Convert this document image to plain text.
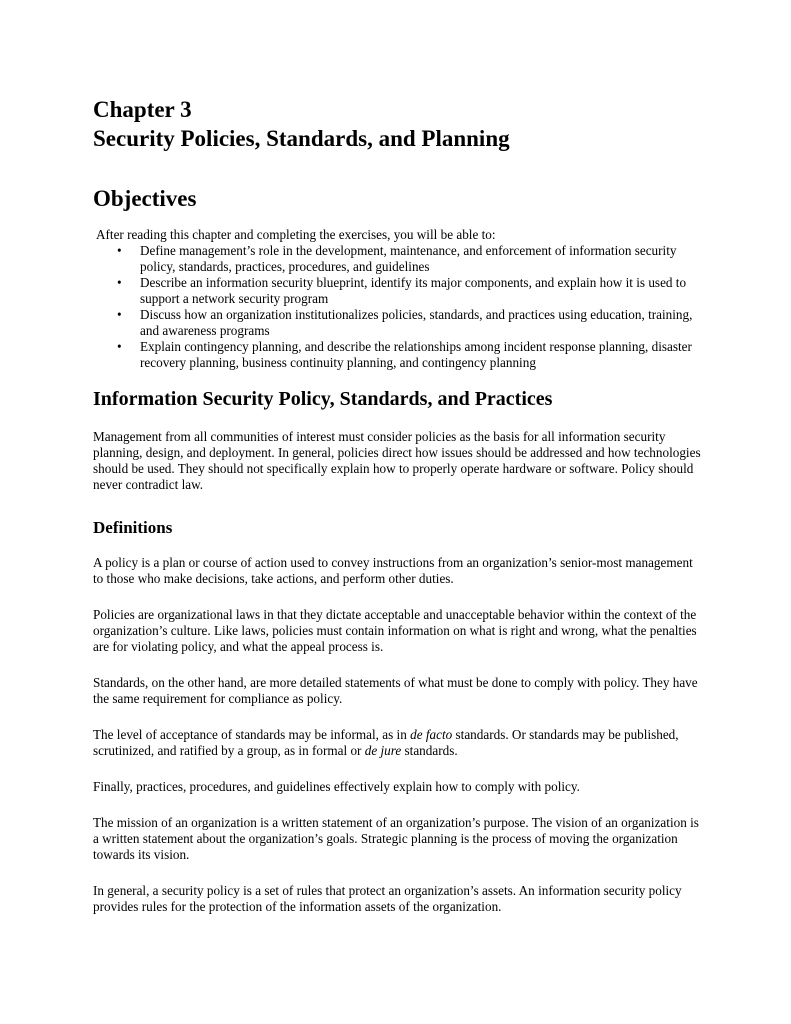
Chapter 3
Security Policies, Standards, and Planning
Objectives

After reading this chapter and completing the exercises, you will be able to:

• Define management’s role in the development, maintenance, and enforcement of information security policy, standards, practices, procedures, and guidelines
• Describe an information security blueprint, identify its major components, and explain how it is used to support a network security program
• Discuss how an organization institutionalizes policies, standards, and practices using education, training, and awareness programs
• Explain contingency planning, and describe the relationships among incident response planning, disaster recovery planning, business continuity planning, and contingency planning
Information Security Policy, Standards, and Practices

Management from all communities of interest must consider policies as the basis for all information security planning, design, and deployment. In general, policies direct how issues should be addressed and how technologies should be used. They should not specifically explain how to properly operate hardware or software. Policy should never contradict law.

Definitions

A policy is a plan or course of action used to convey instructions from an organization’s senior-most management to those who make decisions, take actions, and perform other duties.

Policies are organizational laws in that they dictate acceptable and unacceptable behavior within the context of the organization’s culture. Like laws, policies must contain information on what is right and wrong, what the penalties are for violating policy, and what the appeal process is.

Standards, on the other hand, are more detailed statements of what must be done to comply with policy. They have the same requirement for compliance as policy.

The level of acceptance of standards may be informal, as in de facto standards. Or standards may be published, scrutinized, and ratified by a group, as in formal or de jure standards.

Finally, practices, procedures, and guidelines effectively explain how to comply with policy.

The mission of an organization is a written statement of an organization’s purpose. The vision of an organization is a written statement about the organization’s goals. Strategic planning is the process of moving the organization towards its vision.

In general, a security policy is a set of rules that protect an organization’s assets. An information security policy provides rules for the protection of the information assets of the organization.
